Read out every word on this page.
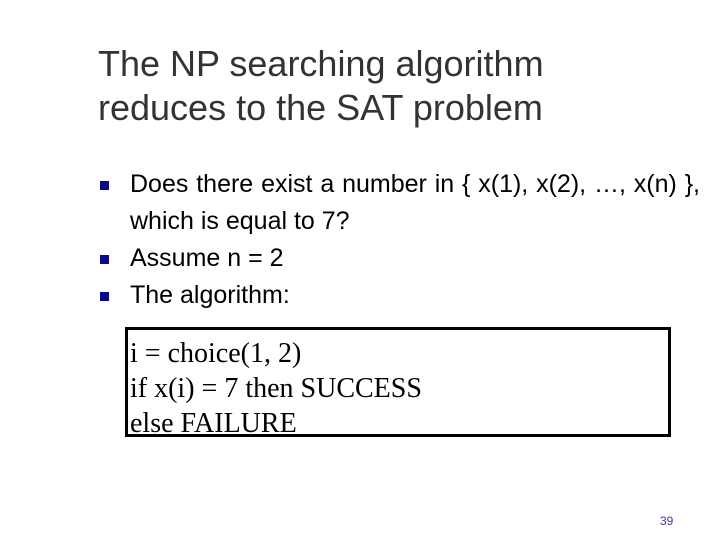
The NP searching algorithm
reduces to the SAT problem
Does there exist a number in { x(1), x(2), …, x(n) }, which is equal to 7?
Assume n = 2
The algorithm:
i = choice(1, 2)
if x(i) = 7 then SUCCESS
else FAILURE
39
